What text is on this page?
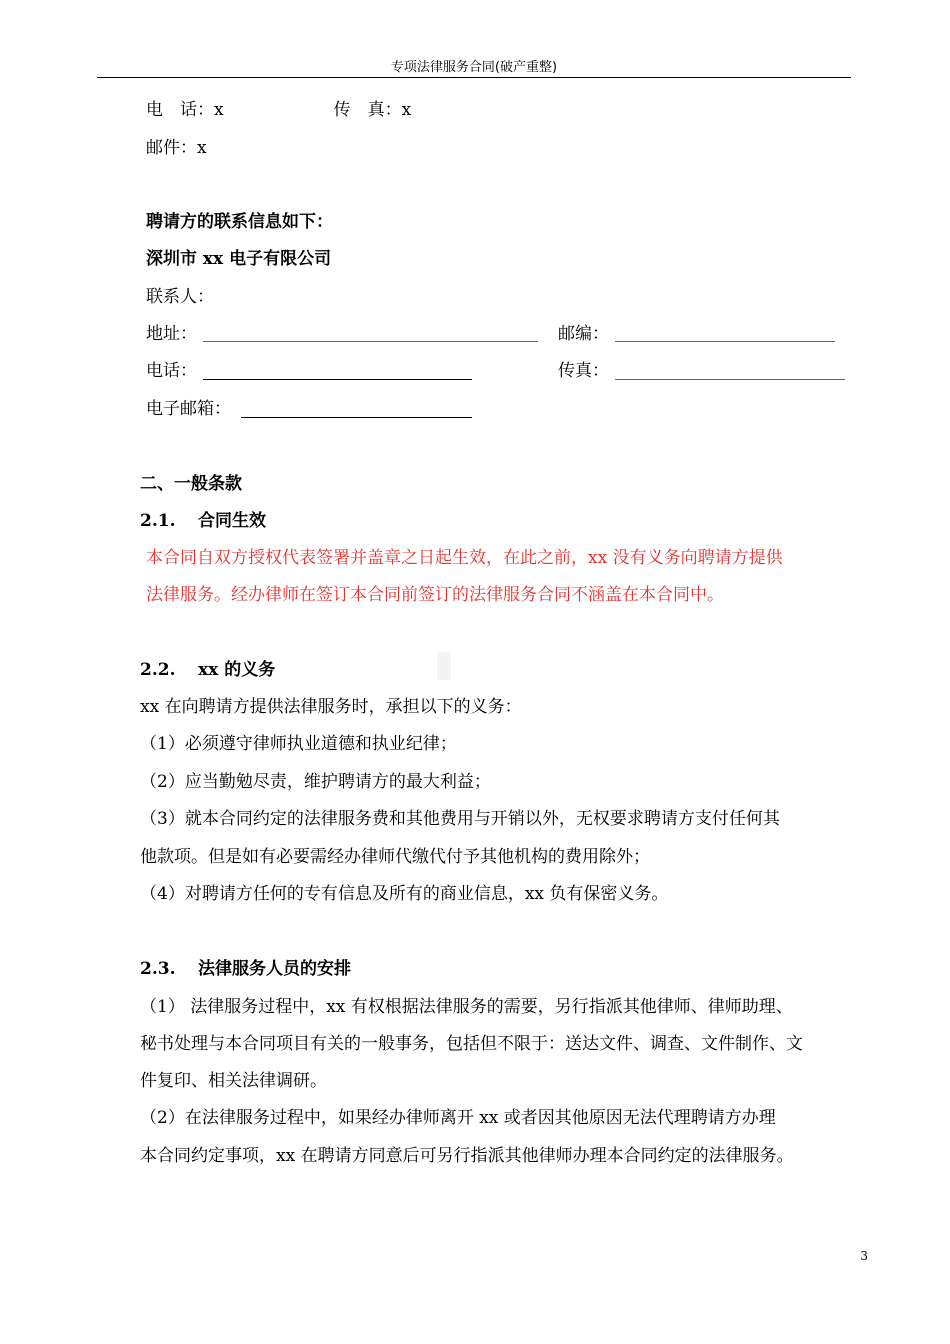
专项法律服务合同(破产重整)
电　话：x	传　真：x
邮件：x
聘请方的联系信息如下：
深圳市 xx 电子有限公司
联系人：
地址：	邮编：
电话：	传真：
电子邮箱：
二、一般条款
2.1. 合同生效
本合同自双方授权代表签署并盖章之日起生效，在此之前，xx 没有义务向聘请方提供
法律服务。经办律师在签订本合同前签订的法律服务合同不涵盖在本合同中。
2.2. xx 的义务
xx 在向聘请方提供法律服务时，承担以下的义务：
（1）必须遵守律师执业道德和执业纪律；
（2）应当勤勉尽责，维护聘请方的最大利益；
（3）就本合同约定的法律服务费和其他费用与开销以外，无权要求聘请方支付任何其
他款项。但是如有必要需经办律师代缴代付予其他机构的费用除外；
（4）对聘请方任何的专有信息及所有的商业信息，xx 负有保密义务。
2.3. 法律服务人员的安排
（1） 法律服务过程中，xx 有权根据法律服务的需要，另行指派其他律师、律师助理、
秘书处理与本合同项目有关的一般事务，包括但不限于：送达文件、调查、文件制作、文
件复印、相关法律调研。
（2）在法律服务过程中，如果经办律师离开 xx 或者因其他原因无法代理聘请方办理
本合同约定事项，xx 在聘请方同意后可另行指派其他律师办理本合同约定的法律服务。
3
